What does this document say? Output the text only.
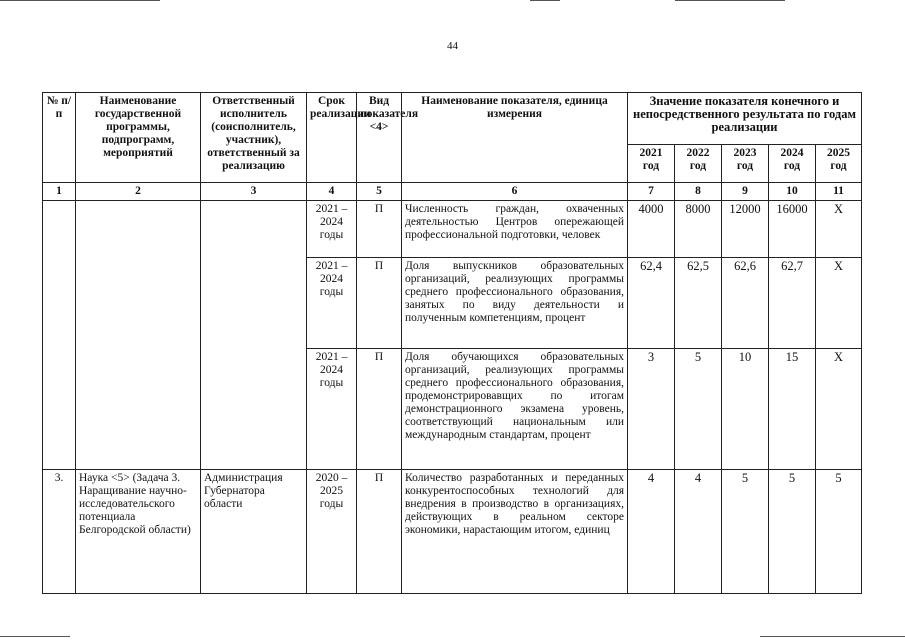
44
№ п/п	Наименование государственной программы, подпрограмм, мероприятий	Ответственный исполнитель (соисполнитель, участник), ответственный за реализацию	Срок реализации	Вид показателя <4>	Наименование показателя, единица измерения	Значение показателя конечного и непосредственного результата по годам реализации				
						2021 год	2022 год	2023 год	2024 год	2025 год
1	2	3	4	5	6	7	8	9	10	11
			2021 – 2024 годы	П	Численность граждан, охваченных деятельностью Центров опережающей профессиональной подготовки, человек	4000	8000	12000	16000	Х
			2021 – 2024 годы	П	Доля выпускников образовательных организаций, реализующих программы среднего профессионального образования, занятых по виду деятельности и полученным компетенциям, процент	62,4	62,5	62,6	62,7	Х
			2021 – 2024 годы	П	Доля обучающихся образовательных организаций, реализующих программы среднего профессионального образования, продемонстрировавщих по итогам демонстрационного экзамена уровень, соответствующий национальным или международным стандартам, процент	3	5	10	15	Х
3.	Наука <5> (Задача 3. Наращивание научно-исследовательского потенциала Белгородской области)	Администрация Губернатора области	2020 – 2025 годы	П	Количество разработанных и переданных конкурентоспособных технологий для внедрения в производство в организациях, действующих в реальном секторе экономики, нарастающим итогом, единиц	4	4	5	5	5
